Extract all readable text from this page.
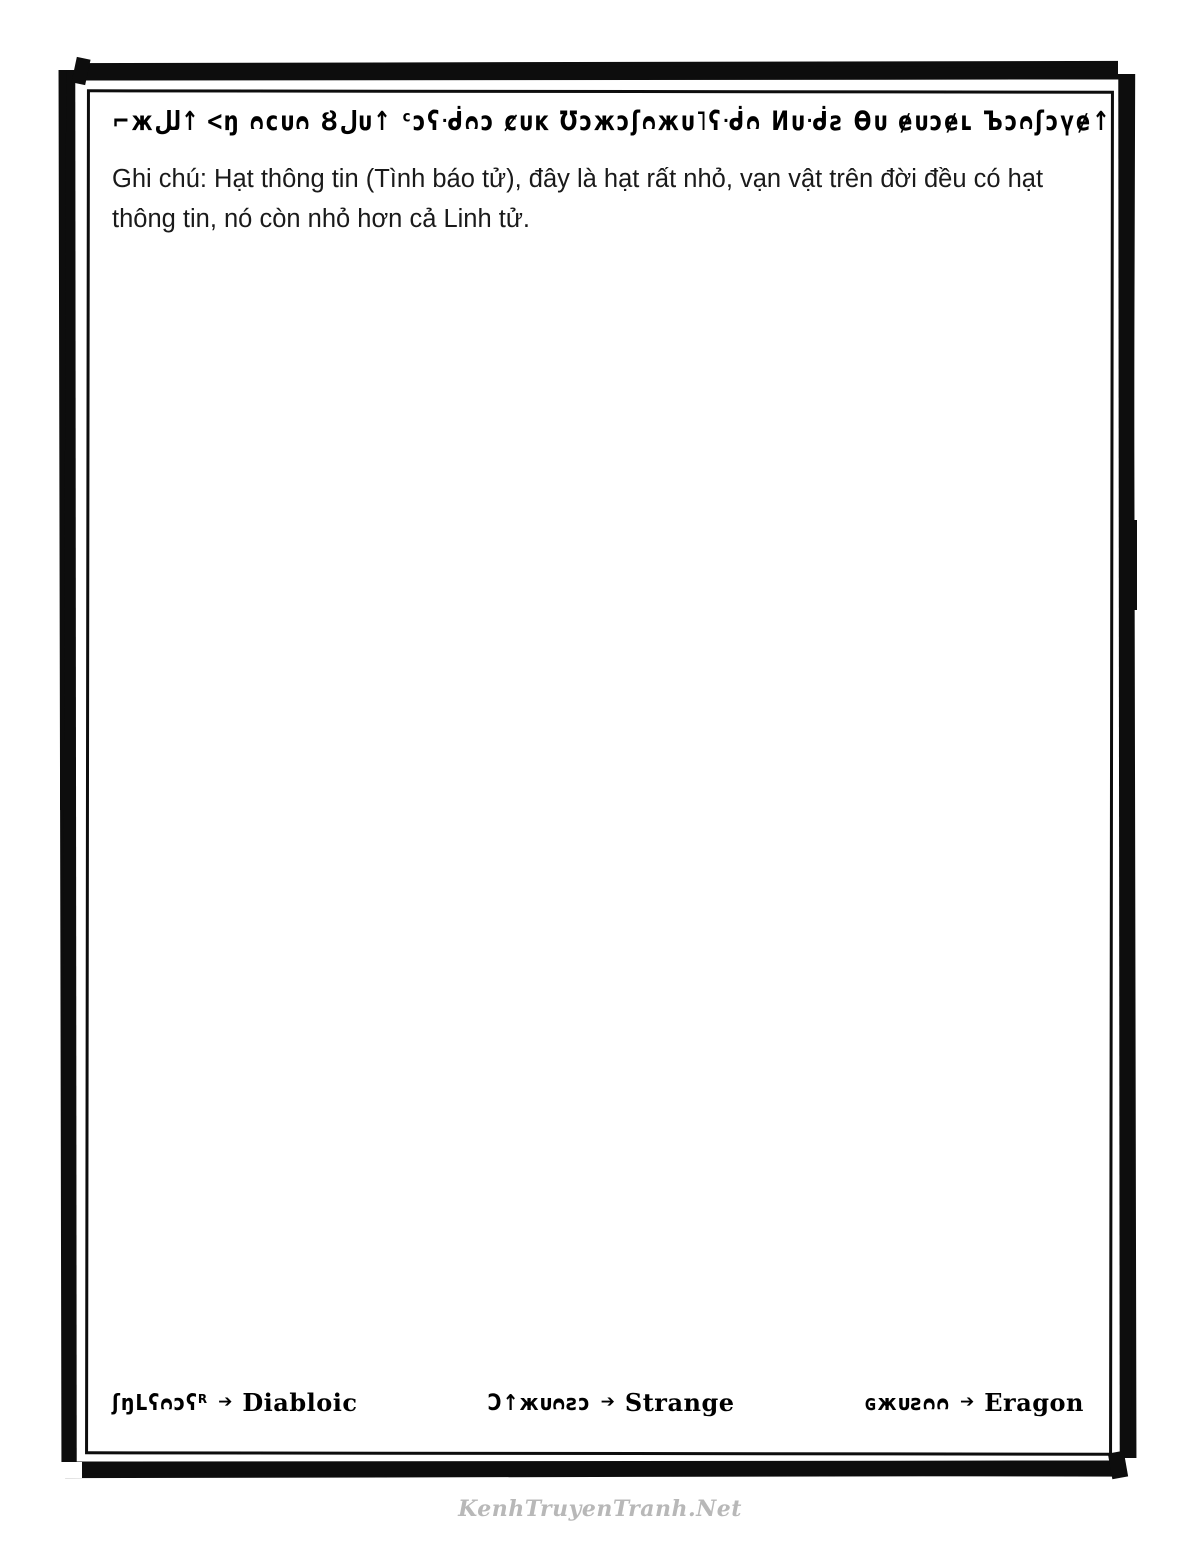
⌐жلل↑ <ŋ ᴒсᴜᴒ Ȣلᴜ↑ ᶜɔʕᑼᴒɔ ȼᴜᴋ Ʊɔжɔʃᴒжᴜ ˥ʕᑼᴒ Ͷᴜᑼƨ Ѳᴜ ɇᴜɔɇʟ Ъɔᴒʃɔүɇ↑
Ghi chú: Hạt thông tin (Tình báo tử), đây là hạt rất nhỏ, vạn vật trên đời đều có hạt thông tin, nó còn nhỏ hơn cả Linh tử.
ʃŋᒪʕᴒɔʕᴿ ➔ Diabloic	Ɔ↑жᴜᴒƨɔ ➔ Strange	ɢжᴜƨᴒᴒ ➔ Eragon
KenhTruyenTranh.Net
